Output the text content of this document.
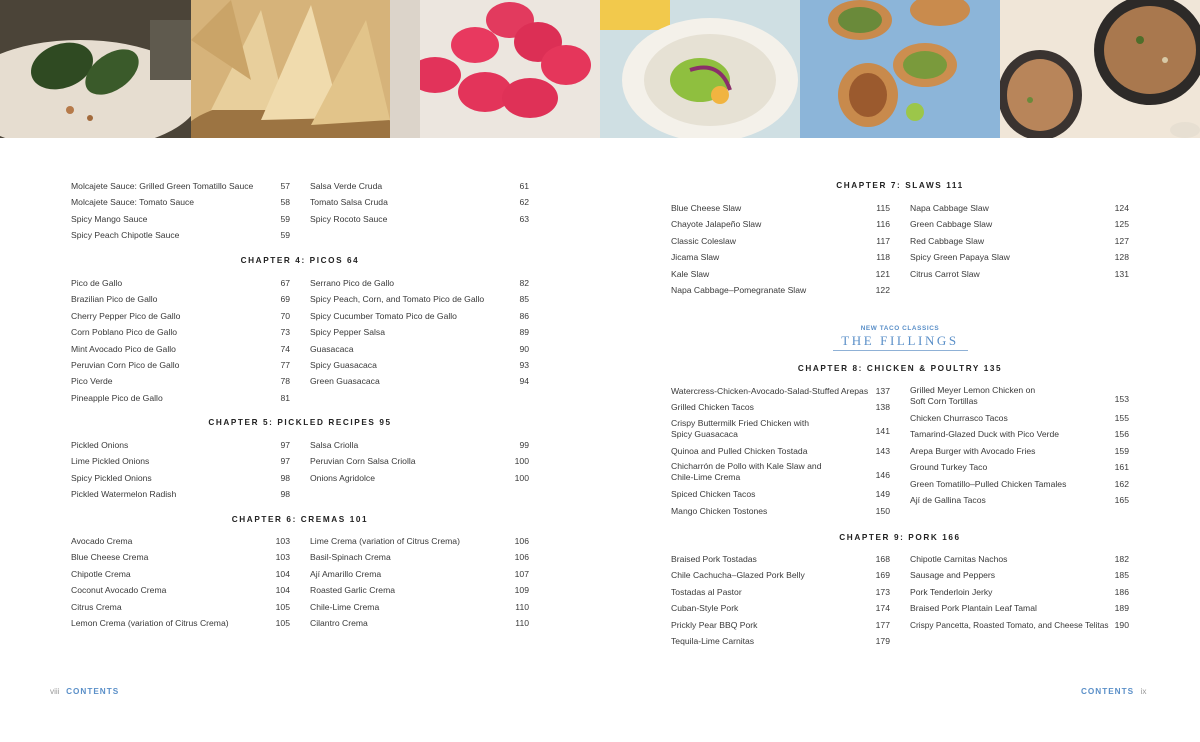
Molcajete Sauce: Grilled Green Tomatillo Sauce	57
Molcajete Sauce: Tomato Sauce	58
Spicy Mango Sauce	59
Spicy Peach Chipotle Sauce	59
Salsa Verde Cruda	61
Tomato Salsa Cruda	62
Spicy Rocoto Sauce	63
CHAPTER 4: PICOS 64
Pico de Gallo	67
Brazilian Pico de Gallo	69
Cherry Pepper Pico de Gallo	70
Corn Poblano Pico de Gallo	73
Mint Avocado Pico de Gallo	74
Peruvian Corn Pico de Gallo	77
Pico Verde	78
Pineapple Pico de Gallo	81
Serrano Pico de Gallo	82
Spicy Peach, Corn, and Tomato Pico de Gallo	85
Spicy Cucumber Tomato Pico de Gallo	86
Spicy Pepper Salsa	89
Guasacaca	90
Spicy Guasacaca	93
Green Guasacaca	94
CHAPTER 5: PICKLED RECIPES 95
Pickled Onions	97
Lime Pickled Onions	97
Spicy Pickled Onions	98
Pickled Watermelon Radish	98
Salsa Criolla	99
Peruvian Corn Salsa Criolla	100
Onions Agridolce	100
CHAPTER 6: CREMAS 101
Avocado Crema	103
Blue Cheese Crema	103
Chipotle Crema	104
Coconut Avocado Crema	104
Citrus Crema	105
Lemon Crema (variation of Citrus Crema)	105
Lime Crema (variation of Citrus Crema)	106
Basil-Spinach Crema	106
Ají Amarillo Crema	107
Roasted Garlic Crema	109
Chile-Lime Crema	110
Cilantro Crema	110
viii CONTENTS
CHAPTER 7: SLAWS 111
Blue Cheese Slaw	115
Chayote Jalapeño Slaw	116
Classic Coleslaw	117
Jicama Slaw	118
Kale Slaw	121
Napa Cabbage–Pomegranate Slaw	122
Napa Cabbage Slaw	124
Green Cabbage Slaw	125
Red Cabbage Slaw	127
Spicy Green Papaya Slaw	128
Citrus Carrot Slaw	131
NEW TACO CLASSICS
THE FILLINGS
CHAPTER 8: CHICKEN & POULTRY 135
Watercress-Chicken-Avocado-Salad-Stuffed Arepas 137
Grilled Chicken Tacos	138
Crispy Buttermilk Fried Chicken with Spicy Guasacaca	141
Quinoa and Pulled Chicken Tostada	143
Chicharrón de Pollo with Kale Slaw and Chile-Lime Crema	146
Spiced Chicken Tacos	149
Mango Chicken Tostones	150
Grilled Meyer Lemon Chicken on Soft Corn Tortillas	153
Chicken Churrasco Tacos	155
Tamarind-Glazed Duck with Pico Verde	156
Arepa Burger with Avocado Fries	159
Ground Turkey Taco	161
Green Tomatillo–Pulled Chicken Tamales	162
Ají de Gallina Tacos	165
CHAPTER 9: PORK 166
Braised Pork Tostadas	168
Chile Cachucha–Glazed Pork Belly	169
Tostadas al Pastor	173
Cuban-Style Pork	174
Prickly Pear BBQ Pork	177
Tequila-Lime Carnitas	179
Chipotle Carnitas Nachos	182
Sausage and Peppers	185
Pork Tenderloin Jerky	186
Braised Pork Plantain Leaf Tamal	189
Crispy Pancetta, Roasted Tomato, and Cheese Telitas 190
CONTENTS ix
